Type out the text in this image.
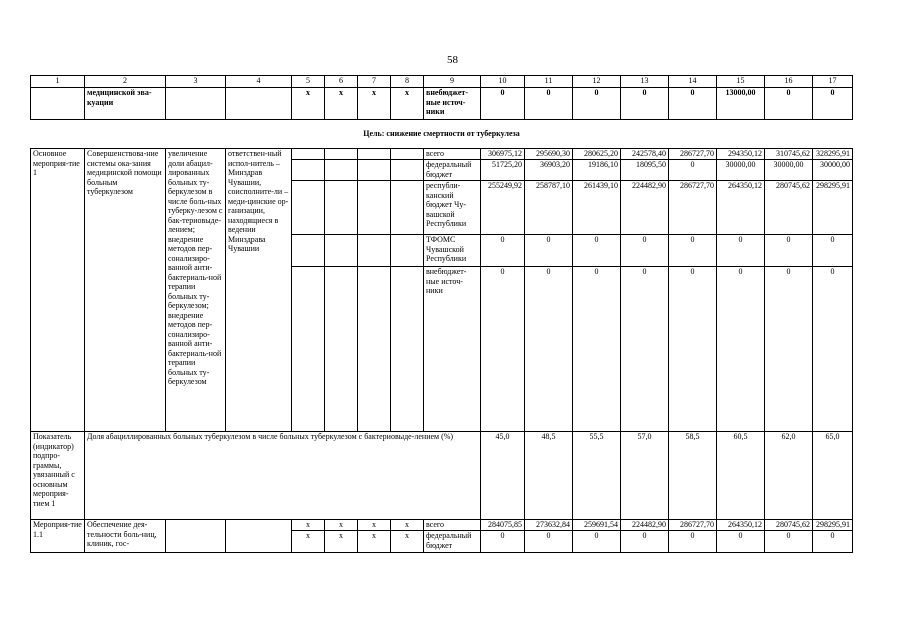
58
1	2	3	4	5	6	7	8	9	10	11	12	13	14	15	16	17
	медицинской эва-куации			x	x	x	x	внебюджет-ные источ-ники	0	0	0	0	0	13000,00	0	0
Цель: снижение смертности от туберкулеза																
Основное мероприя-тие 1	Совершенствова-ние системы ока-зания медицинской помощи больным туберкулезом	увеличение доли абацил-лированных больных ту-беркулезом в числе боль-ных туберку-лезом с бак-териовыде-лением; внедрение методов пер-сонализиро-ванной анти-бактериаль-ной терапии больных ту-беркулезом; внедрение методов пер-сонализиро-ванной анти-бактериаль-ной терапии больных ту-беркулезом	ответствен-ный испол-нитель – Минздрав Чувашии, соисполните-ли – меди-цинские ор-ганизации, находящиеся в ведении Минздрава Чувашии					всего	306975,12	295690,30	280625,20	242578,40	286727,70	294350,12	310745,62	328295,91
								федеральный бюджет	51725,20	36903,20	19186,10	18095,50	0	30000,00	30000,00	30000,00
								республи-канский бюджет Чу-вашской Республики	255249,92	258787,10	261439,10	224482,90	286727,70	264350,12	280745,62	298295,91
								ТФОМС Чувашской Республики	0	0	0	0	0	0	0	0
								внебюджет-ные источ-ники	0	0	0	0	0	0	0	0
Показатель (индикатор) подпро-граммы, увязанный с основным мероприя-тием 1	Доля абациллированных больных туберкулезом в числе больных туберкулезом с бактериовыде-лением (%)								45,0	48,5	55,5	57,0	58,5	60,5	62,0	65,0
Мероприя-тие 1.1	Обеспечение дея-тельности боль-ниц, клиник, гос-			x	x	x	x	всего	284075,85	273632,84	259691,54	224482,90	286727,70	264350,12	280745,62	298295,91
				x	x	x	x	федеральный бюджет	0	0	0	0	0	0	0	0
